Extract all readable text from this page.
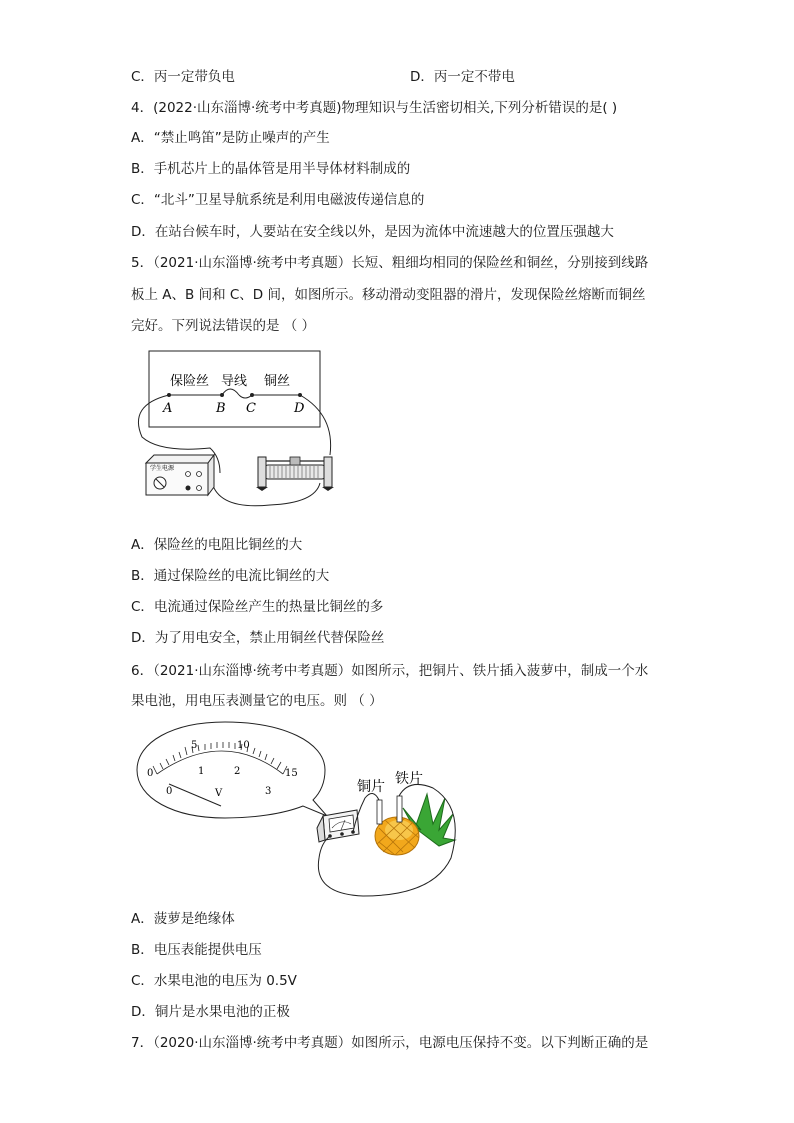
C．丙一定带负电	D．丙一定不带电
4．(2022·山东淄博·统考中考真题)物理知识与生活密切相关,下列分析错误的是( )
A．“禁止鸣笛”是防止噪声的产生
B．手机芯片上的晶体管是用半导体材料制成的
C．“北斗”卫星导航系统是利用电磁波传递信息的
D．在站台候车时，人要站在安全线以外，是因为流体中流速越大的位置压强越大
5．（2021·山东淄博·统考中考真题）长短、粗细均相同的保险丝和铜丝，分别接到线路
板上 A、B 间和 C、D 间，如图所示。移动滑动变阻器的滑片，发现保险丝熔断而铜丝
完好。下列说法错误的是 （ ）
保险丝 导线 铜丝
A	B C	D
学生电源
A．保险丝的电阻比铜丝的大
B．通过保险丝的电流比铜丝的大
C．电流通过保险丝产生的热量比铜丝的多
D．为了用电安全，禁止用铜丝代替保险丝
6．（2021·山东淄博·统考中考真题）如图所示，把铜片、铁片插入菠萝中，制成一个水
果电池，用电压表测量它的电压。则 （ ）
0
5	10
15
0
1	2
3
V	铜片 铁片
A．菠萝是绝缘体
B．电压表能提供电压
C．水果电池的电压为 0.5V
D．铜片是水果电池的正极
7．（2020·山东淄博·统考中考真题）如图所示，电源电压保持不变。以下判断正确的是
